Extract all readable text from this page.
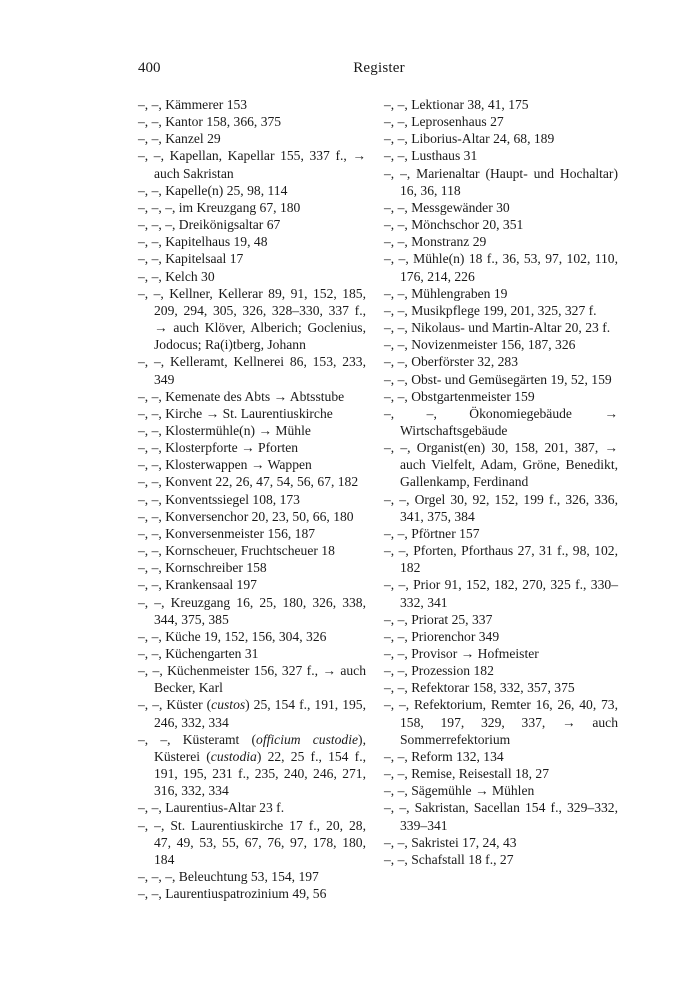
400	Register

–, –, Kämmerer 153

–, –, Kantor 158, 366, 375

–, –, Kanzel 29

–, –, Kapellan, Kapellar 155, 337 f., → auch Sakristan

–, –, Kapelle(n) 25, 98, 114

–, –, –, im Kreuzgang 67, 180

–, –, –, Dreikönigsaltar 67

–, –, Kapitelhaus 19, 48

–, –, Kapitelsaal 17

–, –, Kelch 30

–, –, Kellner, Kellerar 89, 91, 152, 185, 209, 294, 305, 326, 328–330, 337 f., → auch Klöver, Alberich; Goclenius, Jodocus; Ra(i)tberg, Johann

–, –, Kelleramt, Kellnerei 86, 153, 233, 349

–, –, Kemenate des Abts → Abtsstube

–, –, Kirche → St. Laurentiuskirche

–, –, Klostermühle(n) → Mühle

–, –, Klosterpforte → Pforten

–, –, Klosterwappen → Wappen

–, –, Konvent 22, 26, 47, 54, 56, 67, 182

–, –, Konventssiegel 108, 173

–, –, Konversenchor 20, 23, 50, 66, 180

–, –, Konversenmeister 156, 187

–, –, Kornscheuer, Fruchtscheuer 18

–, –, Kornschreiber 158

–, –, Krankensaal 197

–, –, Kreuzgang 16, 25, 180, 326, 338, 344, 375, 385

–, –, Küche 19, 152, 156, 304, 326

–, –, Küchengarten 31

–, –, Küchenmeister 156, 327 f., → auch Becker, Karl

–, –, Küster (custos) 25, 154 f., 191, 195, 246, 332, 334

–, –, Küsteramt (officium custodie), Küsterei (custodia) 22, 25 f., 154 f., 191, 195, 231 f., 235, 240, 246, 271, 316, 332, 334

–, –, Laurentius-Altar 23 f.

–, –, St. Laurentiuskirche 17 f., 20, 28, 47, 49, 53, 55, 67, 76, 97, 178, 180, 184

–, –, –, Beleuchtung 53, 154, 197

–, –, Laurentiuspatrozinium 49, 56

–, –, Lektionar 38, 41, 175

–, –, Leprosenhaus 27

–, –, Liborius-Altar 24, 68, 189

–, –, Lusthaus 31

–, –, Marienaltar (Haupt- und Hochaltar) 16, 36, 118

–, –, Messgewänder 30

–, –, Mönchschor 20, 351

–, –, Monstranz 29

–, –, Mühle(n) 18 f., 36, 53, 97, 102, 110, 176, 214, 226

–, –, Mühlengraben 19

–, –, Musikpflege 199, 201, 325, 327 f.

–, –, Nikolaus- und Martin-Altar 20, 23 f.

–, –, Novizenmeister 156, 187, 326

–, –, Oberförster 32, 283

–, –, Obst- und Gemüsegärten 19, 52, 159

–, –, Obstgartenmeister 159

–, –, Ökonomiegebäude → Wirtschaftsgebäude

–, –, Organist(en) 30, 158, 201, 387, → auch Vielfelt, Adam, Gröne, Benedikt, Gallenkamp, Ferdinand

–, –, Orgel 30, 92, 152, 199 f., 326, 336, 341, 375, 384

–, –, Pförtner 157

–, –, Pforten, Pforthaus 27, 31 f., 98, 102, 182

–, –, Prior 91, 152, 182, 270, 325 f., 330–332, 341

–, –, Priorat 25, 337

–, –, Priorenchor 349

–, –, Provisor → Hofmeister

–, –, Prozession 182

–, –, Refektorar 158, 332, 357, 375

–, –, Refektorium, Remter 16, 26, 40, 73, 158, 197, 329, 337, → auch Sommerrefektorium

–, –, Reform 132, 134

–, –, Remise, Reisestall 18, 27

–, –, Sägemühle → Mühlen

–, –, Sakristan, Sacellan 154 f., 329–332, 339–341

–, –, Sakristei 17, 24, 43

–, –, Schafstall 18 f., 27
